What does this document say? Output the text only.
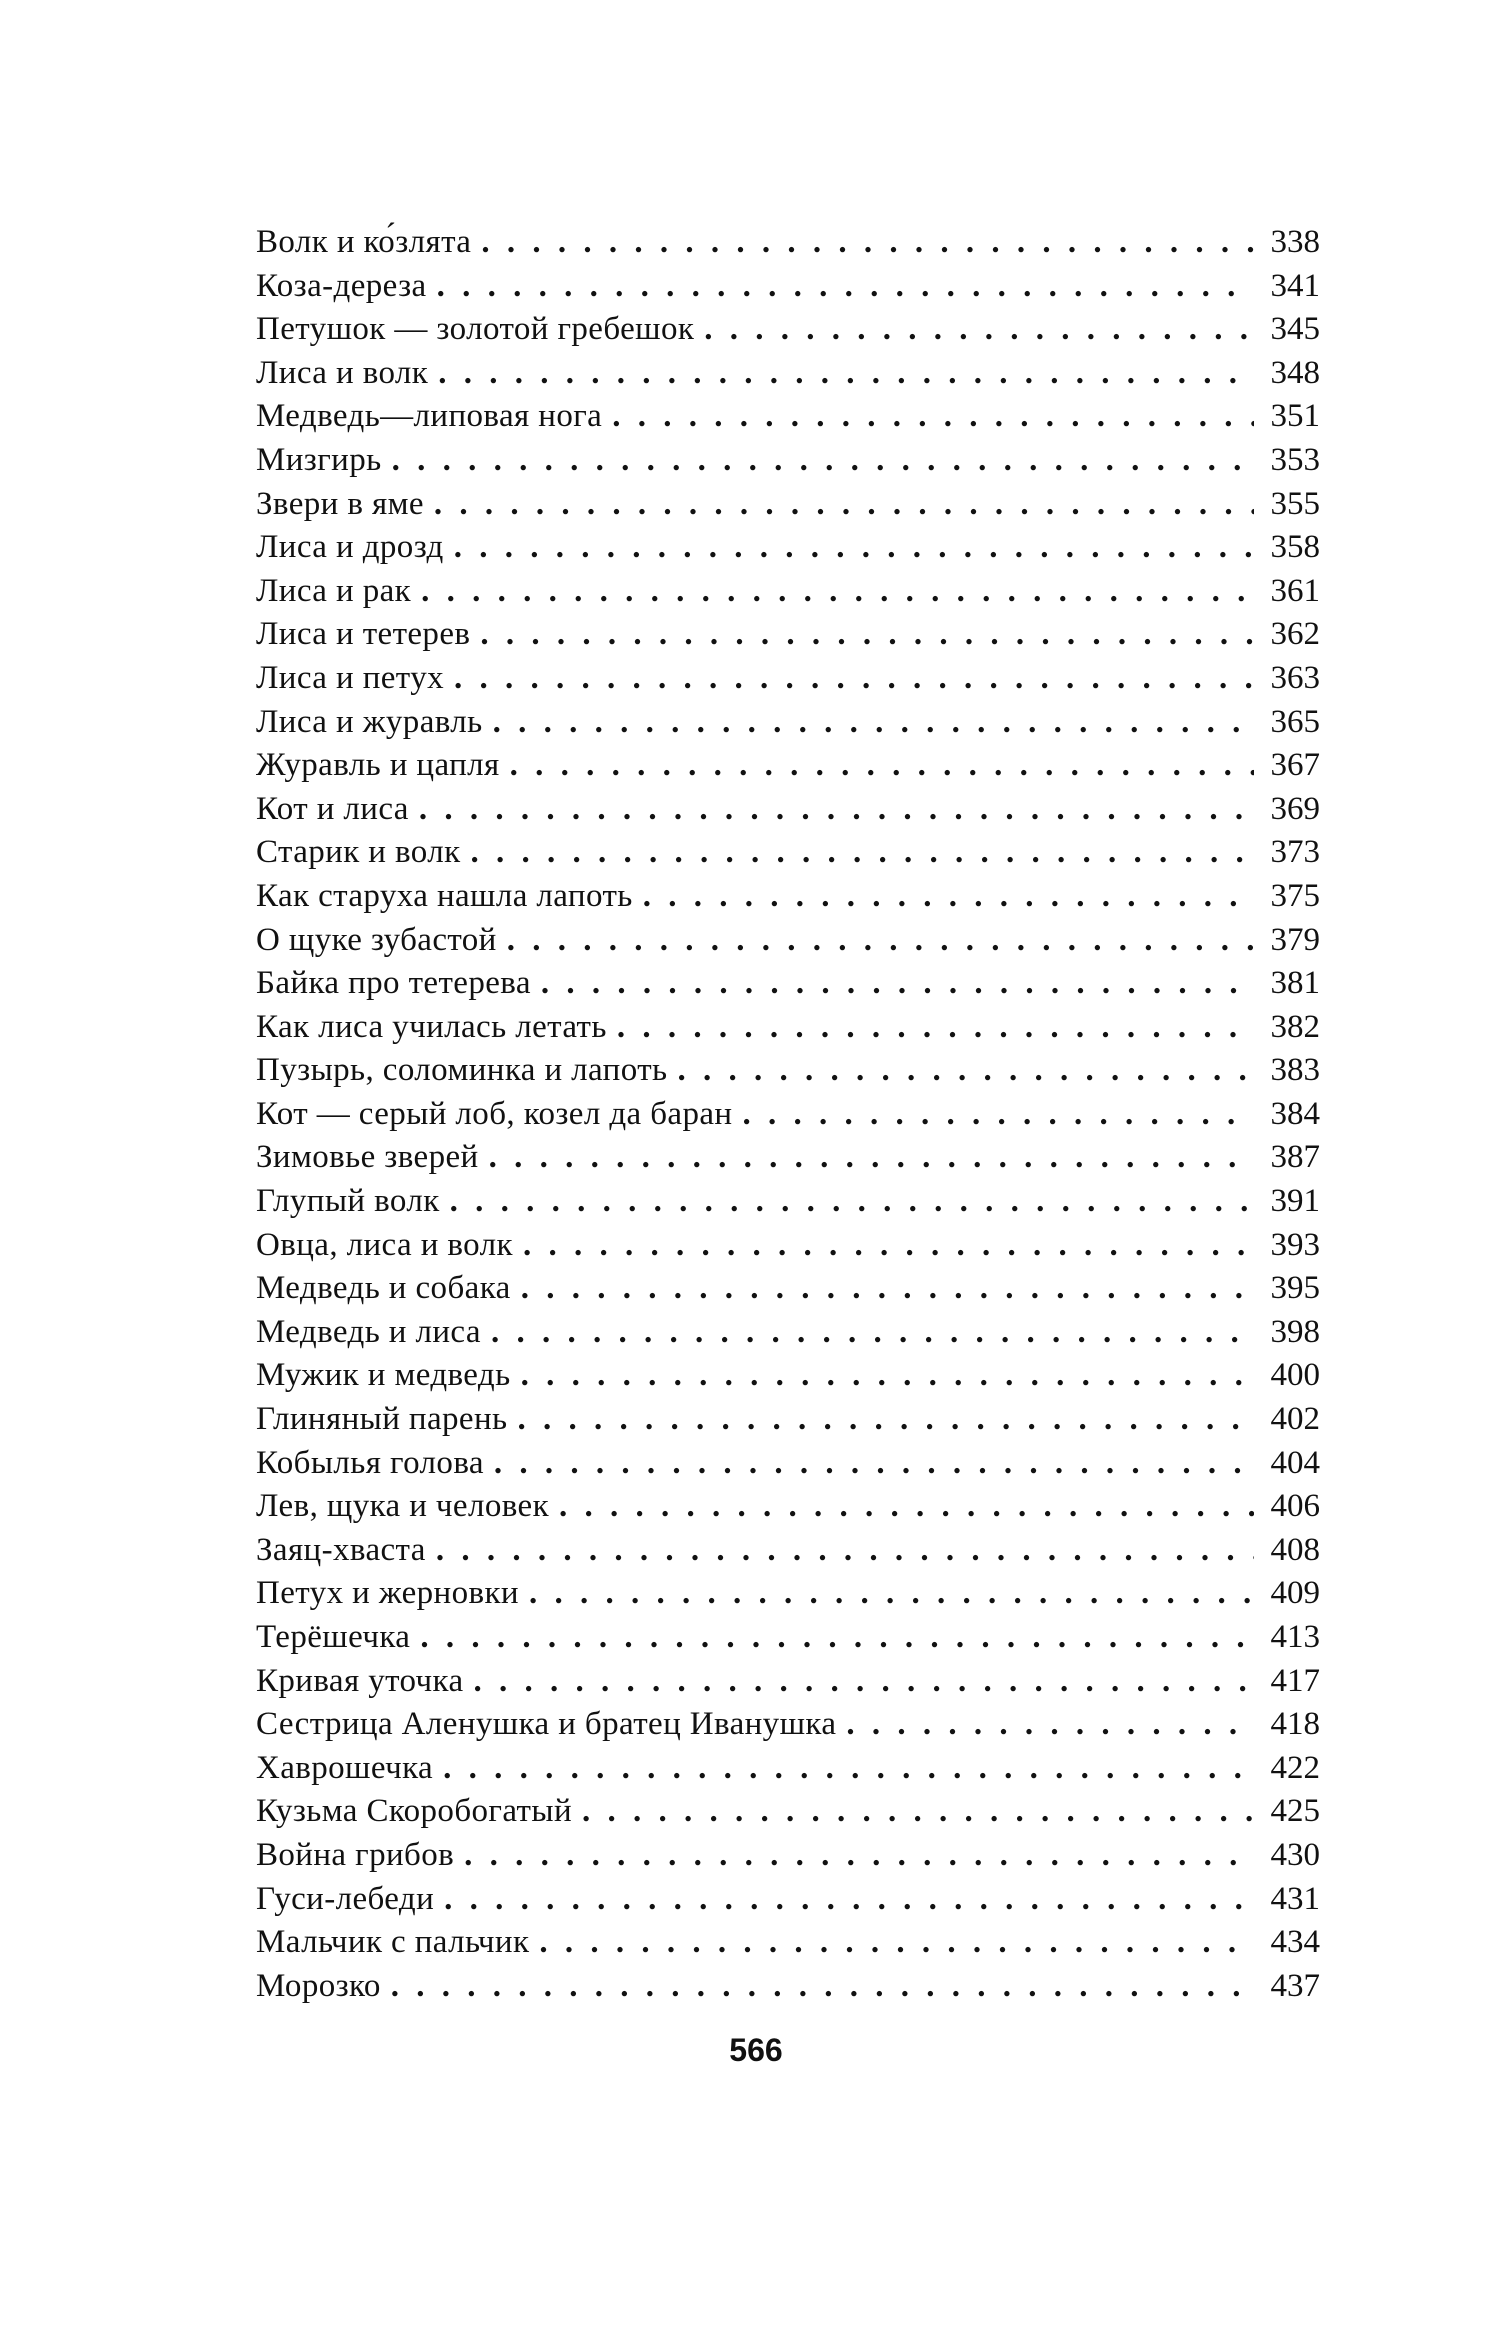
Волк и ко́злята . . .	338
Коза-дереза . . .	341
Петушок — золотой гребешок . . .	345
Лиса и волк . . .	348
Медведь—липовая нога . . .	351
Мизгирь . . .	353
Звери в яме . . .	355
Лиса и дрозд . . .	358
Лиса и рак . . .	361
Лиса и тетерев . . .	362
Лиса и петух . . .	363
Лиса и журавль . . .	365
Журавль и цапля . . .	367
Кот и лиса . . .	369
Старик и волк . . .	373
Как старуха нашла лапоть . . .	375
О щуке зубастой . . .	379
Байка про тетерева . . .	381
Как лиса училась летать . . .	382
Пузырь, соломинка и лапоть . . .	383
Кот — серый лоб, козел да баран . . .	384
Зимовье зверей . . .	387
Глупый волк . . .	391
Овца, лиса и волк . . .	393
Медведь и собака . . .	395
Медведь и лиса . . .	398
Мужик и медведь . . .	400
Глиняный парень . . .	402
Кобылья голова . . .	404
Лев, щука и человек . . .	406
Заяц-хваста . . .	408
Петух и жерновки . . .	409
Терёшечка . . .	413
Кривая уточка . . .	417
Сестрица Аленушка и братец Иванушка . . .	418
Хаврошечка . . .	422
Кузьма Скоробогатый . . .	425
Война грибов . . .	430
Гуси-лебеди . . .	431
Мальчик с пальчик . . .	434
Морозко . . .	437
566
